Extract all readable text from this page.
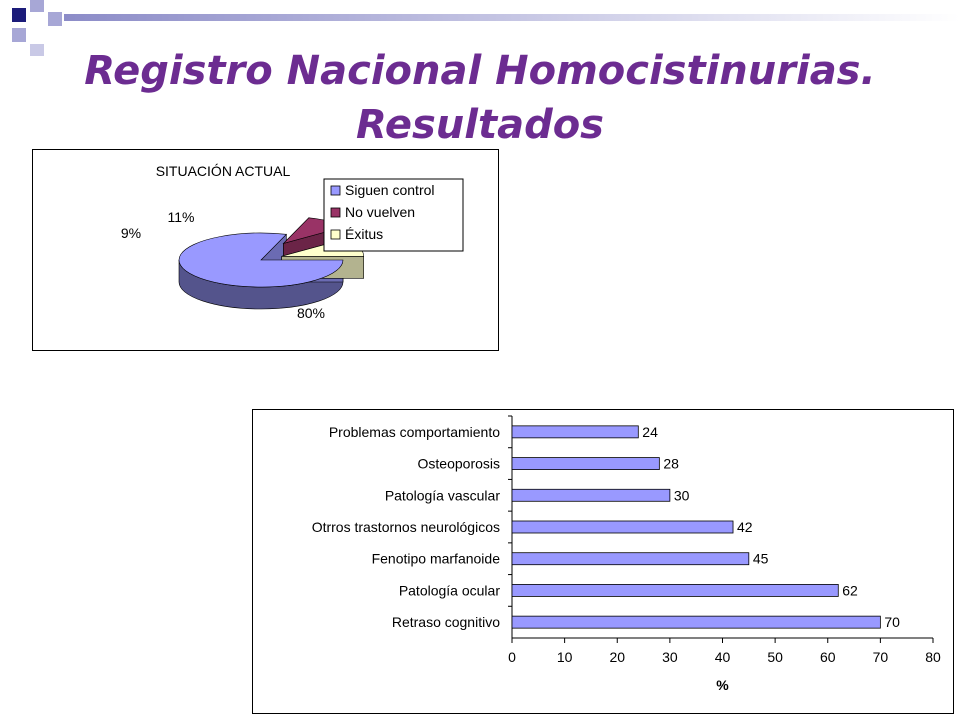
Registro Nacional Homocistinurias.
Resultados
SITUACIÓN ACTUAL
80%
9%
11%
Siguen control
No vuelven
Éxitus
Problemas comportamiento	24
Osteoporosis	28
Patología vascular	30
Otrros trastornos neurológicos	42
Fenotipo marfanoide	45
Patología ocular	62
Retraso cognitivo	70
0	10	20	30	40	50	60	70	80
%
